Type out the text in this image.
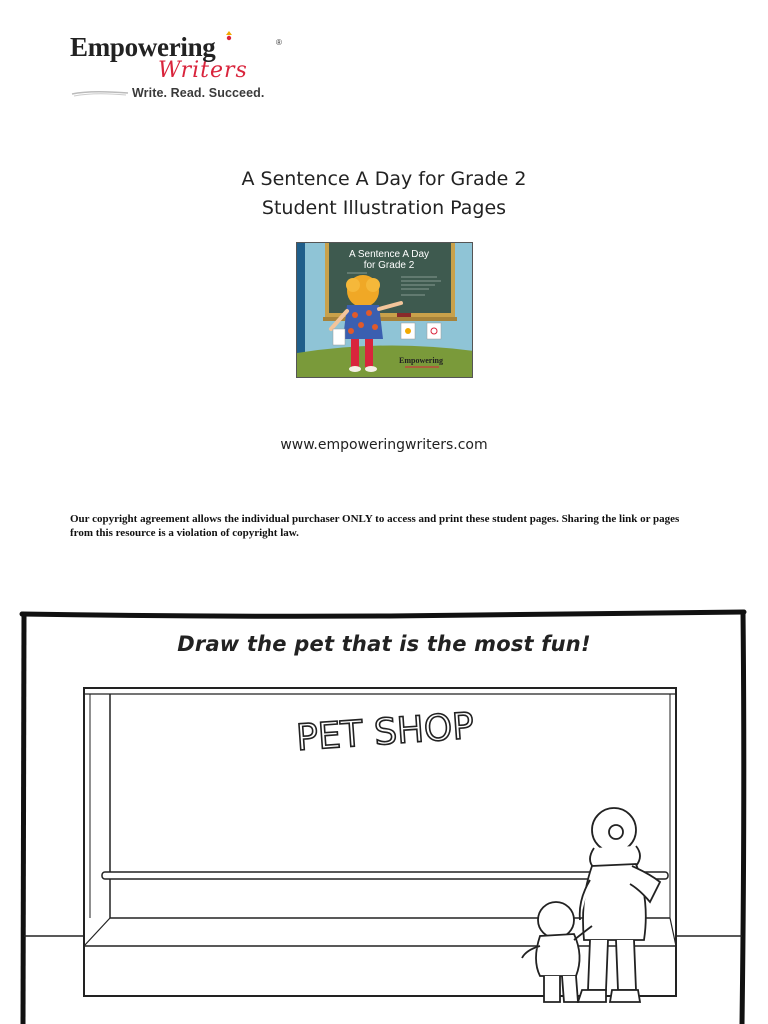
Empowering	®
Writers
Write. Read. Succeed.
A Sentence A Day for Grade 2
Student Illustration Pages
A Sentence A Day
for Grade 2
Empowering
www.empoweringwriters.com
Our copyright agreement allows the individual purchaser ONLY to access and print these student pages. Sharing the link or pages from this resource is a violation of copyright law.
Draw the pet that is the most fun!
PET SHOP
